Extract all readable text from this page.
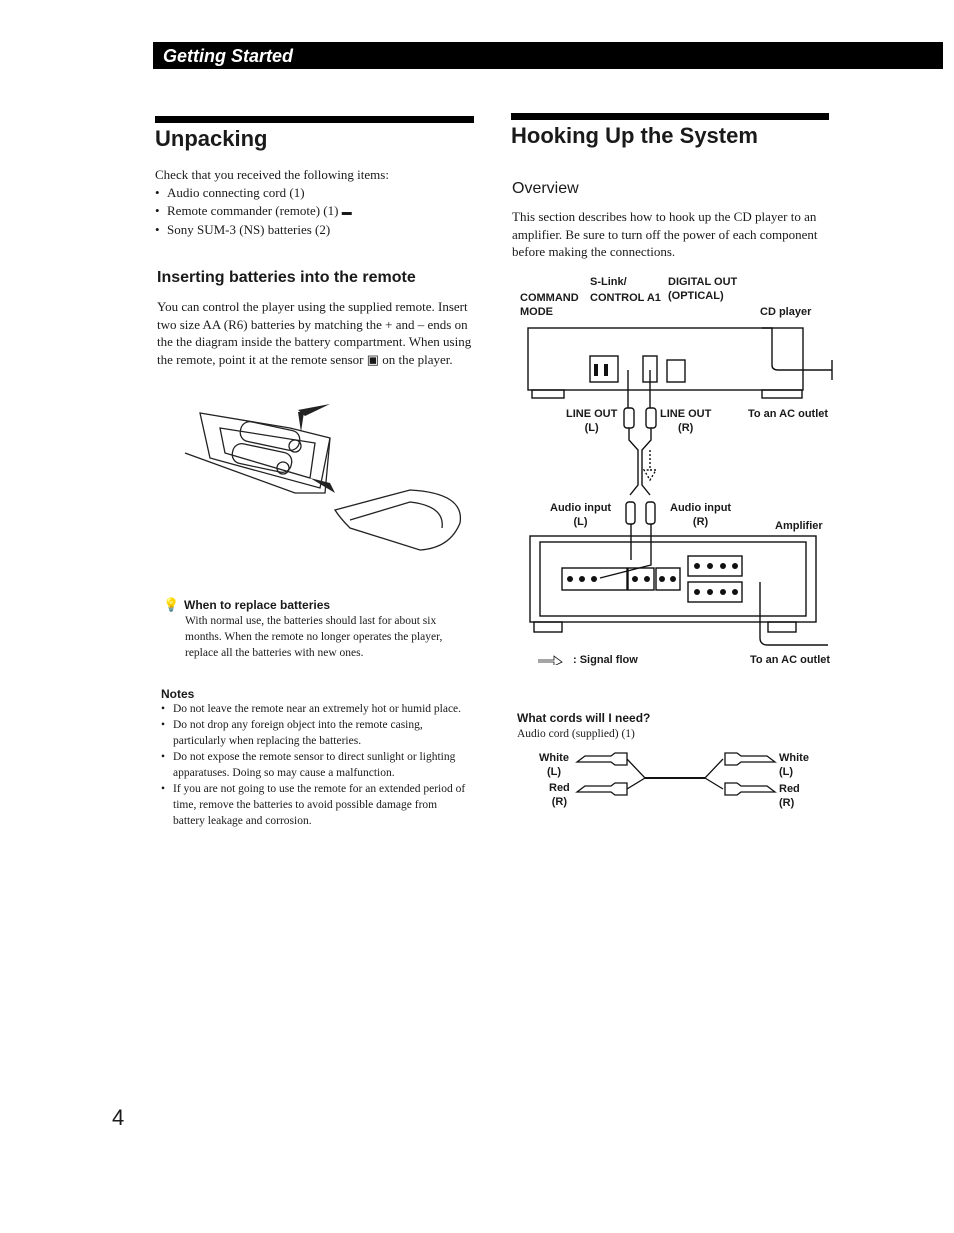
Getting Started
Unpacking
Check that you received the following items:
• Audio connecting cord (1)
• Remote commander (remote) (1) ▬
• Sony SUM-3 (NS) batteries (2)
Inserting batteries into the remote
You can control the player using the supplied remote. Insert two size AA (R6) batteries by matching the + and – ends on the the diagram inside the battery compartment. When using the remote, point it at the remote sensor ▣ on the player.
💡 When to replace batteries
With normal use, the batteries should last for about six months. When the remote no longer operates the player, replace all the batteries with new ones.
Notes
• Do not leave the remote near an extremely hot or humid place.
• Do not drop any foreign object into the remote casing, particularly when replacing the batteries.
• Do not expose the remote sensor to direct sunlight or lighting apparatuses. Doing so may cause a malfunction.
• If you are not going to use the remote for an extended period of time, remove the batteries to avoid possible damage from battery leakage and corrosion.
Hooking Up the System
Overview
This section describes how to hook up the CD player to an amplifier. Be sure to turn off the power of each component before making the connections.
S-Link/
COMMAND
MODE
CONTROL A1
DIGITAL OUT
(OPTICAL)
CD player
LINE OUT
(L)
LINE OUT
(R)
To an AC outlet
Audio input
(L)
Audio input
(R)	Amplifier
: Signal flow	To an AC outlet
What cords will I need?
Audio cord (supplied) (1)
White
(L)
Red
(R)
White
(L)
Red
(R)
4
